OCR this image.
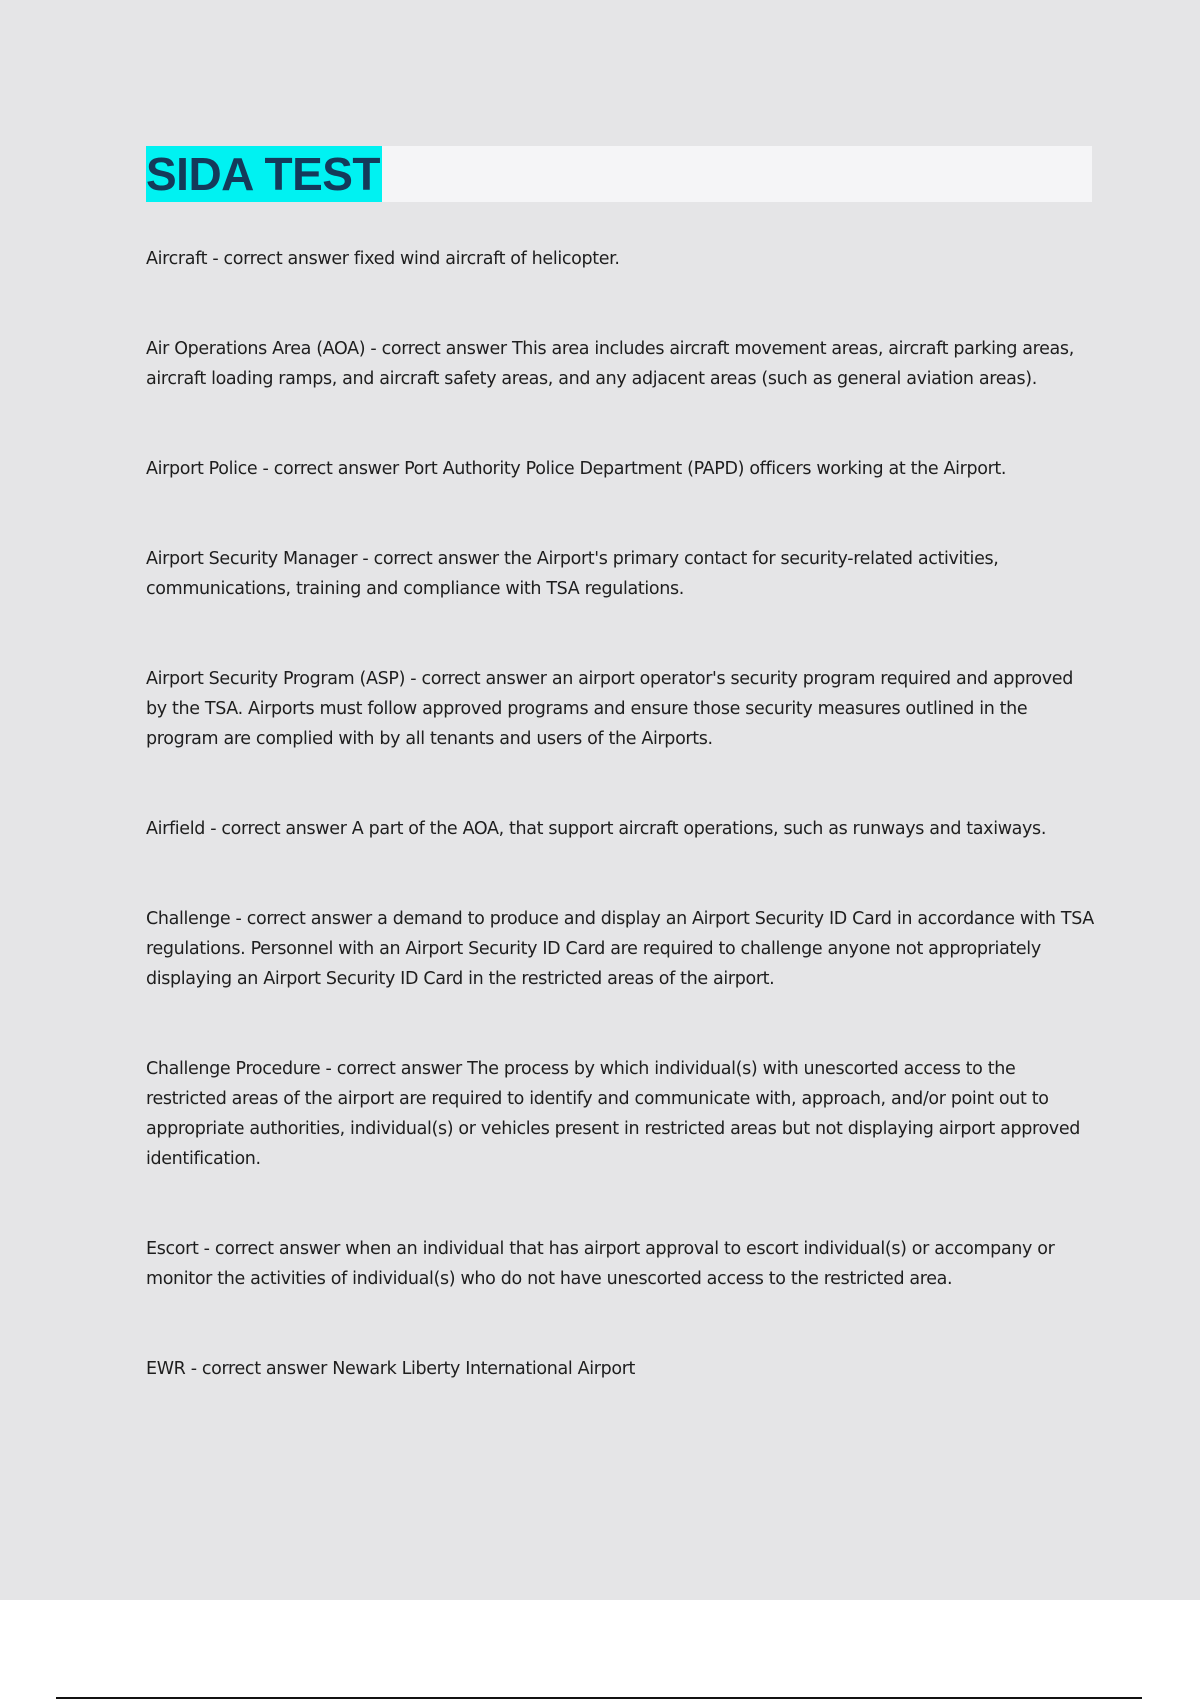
SIDA TEST
Aircraft - correct answer fixed wind aircraft of helicopter.
Air Operations Area (AOA) - correct answer This area includes aircraft movement areas, aircraft parking areas, aircraft loading ramps, and aircraft safety areas, and any adjacent areas (such as general aviation areas).
Airport Police - correct answer Port Authority Police Department (PAPD) officers working at the Airport.
Airport Security Manager - correct answer the Airport's primary contact for security-related activities, communications, training and compliance with TSA regulations.
Airport Security Program (ASP) - correct answer an airport operator's security program required and approved by the TSA. Airports must follow approved programs and ensure those security measures outlined in the program are complied with by all tenants and users of the Airports.
Airfield - correct answer A part of the AOA, that support aircraft operations, such as runways and taxiways.
Challenge - correct answer a demand to produce and display an Airport Security ID Card in accordance with TSA regulations. Personnel with an Airport Security ID Card are required to challenge anyone not appropriately displaying an Airport Security ID Card in the restricted areas of the airport.
Challenge Procedure - correct answer The process by which individual(s) with unescorted access to the restricted areas of the airport are required to identify and communicate with, approach, and/or point out to appropriate authorities, individual(s) or vehicles present in restricted areas but not displaying airport approved identification.
Escort - correct answer when an individual that has airport approval to escort individual(s) or accompany or monitor the activities of individual(s) who do not have unescorted access to the restricted area.
EWR - correct answer Newark Liberty International Airport
